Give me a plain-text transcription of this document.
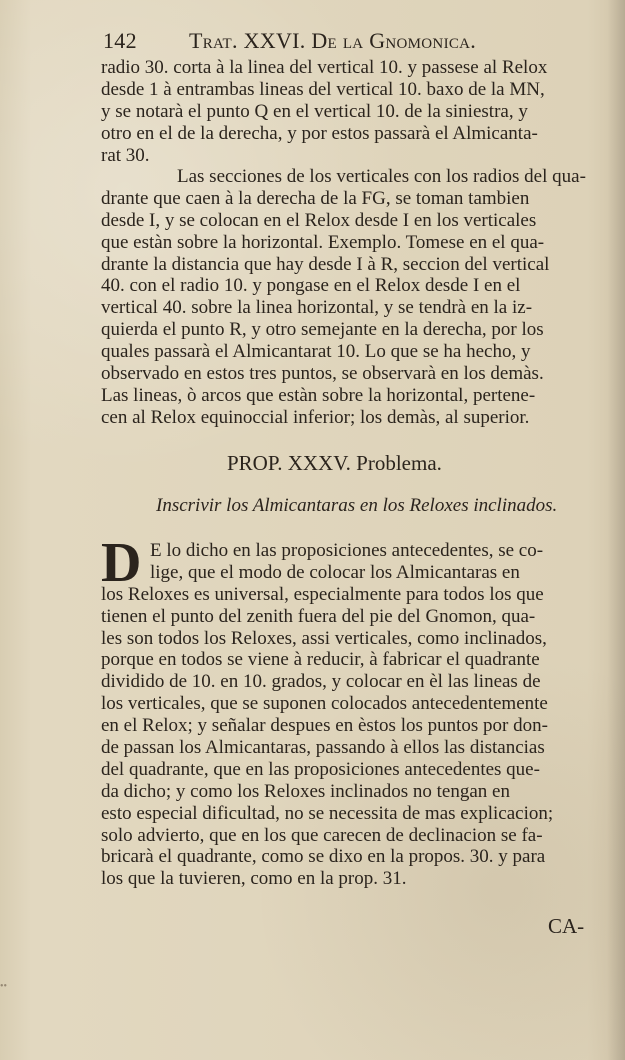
142 Trat. XXVI. De la Gnomonica.
radio 30. corta à la linea del vertical 10. y passese al Relox
desde 1 à entrambas lineas del vertical 10. baxo de la MN,
y se notarà el punto Q en el vertical 10. de la siniestra, y
otro en el de la derecha, y por estos passarà el Almicanta-
rat 30.
Las secciones de los verticales con los radios del qua-
drante que caen à la derecha de la FG, se toman tambien
desde I, y se colocan en el Relox desde I en los verticales
que estàn sobre la horizontal. Exemplo. Tomese en el qua-
drante la distancia que hay desde I à R, seccion del vertical
40. con el radio 10. y pongase en el Relox desde I en el
vertical 40. sobre la linea horizontal, y se tendrà en la iz-
quierda el punto R, y otro semejante en la derecha, por los
quales passarà el Almicantarat 10. Lo que se ha hecho, y
observado en estos tres puntos, se observarà en los demàs.
Las lineas, ò arcos que estàn sobre la horizontal, pertene-
cen al Relox equinoccial inferior; los demàs, al superior.
PROP. XXXV. Problema.
Inscrivir los Almicantaras en los Reloxes inclinados.
D E lo dicho en las proposiciones antecedentes, se co-
lige, que el modo de colocar los Almicantaras en
los Reloxes es universal, especialmente para todos los que
tienen el punto del zenith fuera del pie del Gnomon, qua-
les son todos los Reloxes, assi verticales, como inclinados,
porque en todos se viene à reducir, à fabricar el quadrante
dividido de 10. en 10. grados, y colocar en èl las lineas de
los verticales, que se suponen colocados antecedentemente
en el Relox; y señalar despues en èstos los puntos por don-
de passan los Almicantaras, passando à ellos las distancias
del quadrante, que en las proposiciones antecedentes que-
da dicho; y como los Reloxes inclinados no tengan en
esto especial dificultad, no se necessita de mas explicacion;
solo advierto, que en los que carecen de declinacion se fa-
bricarà el quadrante, como se dixo en la propos. 30. y para
los que la tuvieren, como en la prop. 31.
CA-
••
